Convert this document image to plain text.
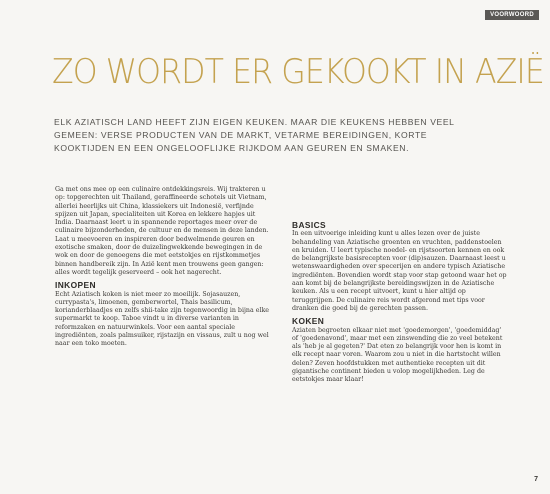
VOORWOORD
ZO WORDT ER GEKOOKT IN AZIË

ELK AZIATISCH LAND HEEFT ZIJN EIGEN KEUKEN. MAAR DIE KEUKENS HEBBEN VEEL GEMEEN: VERSE PRODUCTEN VAN DE MARKT, VETARME BEREIDINGEN, KORTE KOOKTIJDEN EN EEN ONGELOOFLIJKE RIJKDOM AAN GEUREN EN SMAKEN.

Ga met ons mee op een culinaire ontdekkingsreis. Wij trakteren u op: topgerechten uit Thailand, geraffineerde schotels uit Vietnam, allerlei heerlijks uit China, klassiekers uit Indonesië, verfijnde spijzen uit Japan, specialiteiten uit Korea en lekkere hapjes uit India. Daarnaast leert u in spannende reportages meer over de culinaire bijzonderheden, de cultuur en de mensen in deze landen. Laat u meevoeren en inspireren door bedwelmende geuren en exotische smaken, door de duizelingwekkende bewegingen in de wok en door de genoegens die met eetstokjes en rijstkommetjes binnen handbereik zijn. In Azië kent men trouwens geen gangen: alles wordt tegelijk geserveerd – ook het nagerecht.

INKOPEN

Echt Aziatisch koken is niet meer zo moeilijk. Sojasauzen, currypasta's, limoenen, gemberwortel, Thais basilicum, korianderblaadjes en zelfs shii-take zijn tegenwoordig in bijna elke supermarkt te koop. Taboe vindt u in diverse varianten in reformzaken en natuurwinkels. Voor een aantal speciale ingrediënten, zoals palmsuiker, rijstazijn en vissaus, zult u nog wel naar een toko moeten.

BASICS

In een uitvoerige inleiding kunt u alles lezen over de juiste behandeling van Aziatische groenten en vruchten, paddenstoelen en kruiden. U leert typische noedel- en rijstsoorten kennen en ook de belangrijkste basisrecepten voor (dip)sauzen. Daarnaast leest u wetenswaardigheden over specerijen en andere typisch Aziatische ingrediënten. Bovendien wordt stap voor stap getoond waar het op aan komt bij de belangrijkste bereidingswijzen in de Aziatische keuken. Als u een recept uitvoert, kunt u hier altijd op teruggrijpen. De culinaire reis wordt afgerond met tips voor dranken die goed bij de gerechten passen.

KOKEN

Aziaten begroeten elkaar niet met 'goedemorgen', 'goedemiddag' of 'goedenavond', maar met een zinswending die zo veel betekent als 'heb je al gegeten?' Dat eten zo belangrijk voor hen is komt in elk recept naar voren. Waarom zou u niet in die hartstocht willen delen? Zeven hoofdstukken met authentieke recepten uit dit gigantische continent bieden u volop mogelijkheden. Leg de eetstokjes maar klaar!

7
